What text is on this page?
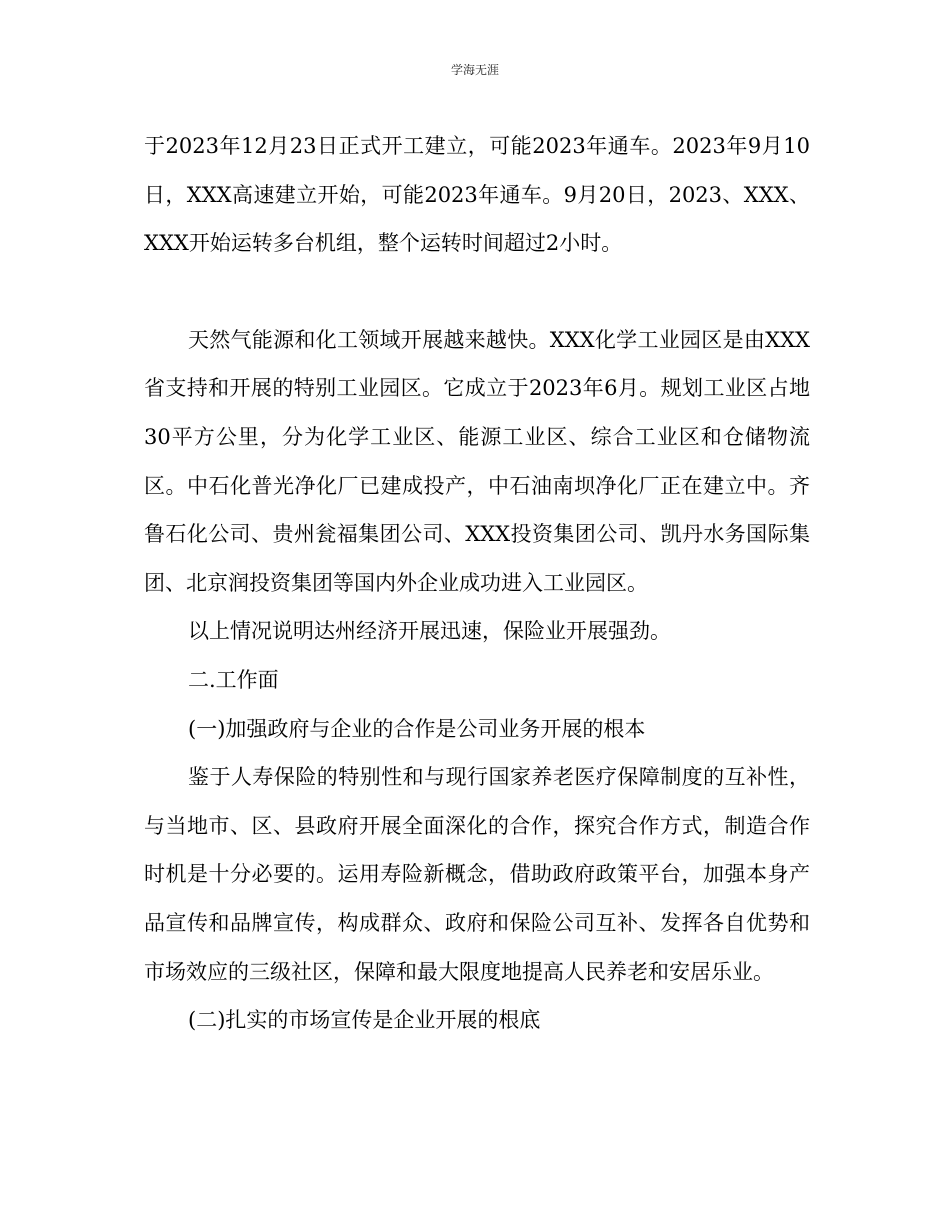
学海无涯

于2023年12月23日正式开工建立，可能2023年通车。2023年9月10日，XXX高速建立开始，可能2023年通车。9月20日，2023、XXX、XXX开始运转多台机组，整个运转时间超过2小时。

天然气能源和化工领域开展越来越快。XXX化学工业园区是由XXX省支持和开展的特别工业园区。它成立于2023年6月。规划工业区占地30平方公里，分为化学工业区、能源工业区、综合工业区和仓储物流区。中石化普光净化厂已建成投产，中石油南坝净化厂正在建立中。齐鲁石化公司、贵州瓮福集团公司、XXX投资集团公司、凯丹水务国际集团、北京润投资集团等国内外企业成功进入工业园区。

以上情况说明达州经济开展迅速，保险业开展强劲。

二.工作面

(一)加强政府与企业的合作是公司业务开展的根本

鉴于人寿保险的特别性和与现行国家养老医疗保障制度的互补性，与当地市、区、县政府开展全面深化的合作，探究合作方式，制造合作时机是十分必要的。运用寿险新概念，借助政府政策平台，加强本身产品宣传和品牌宣传，构成群众、政府和保险公司互补、发挥各自优势和市场效应的三级社区，保障和最大限度地提高人民养老和安居乐业。

(二)扎实的市场宣传是企业开展的根底
